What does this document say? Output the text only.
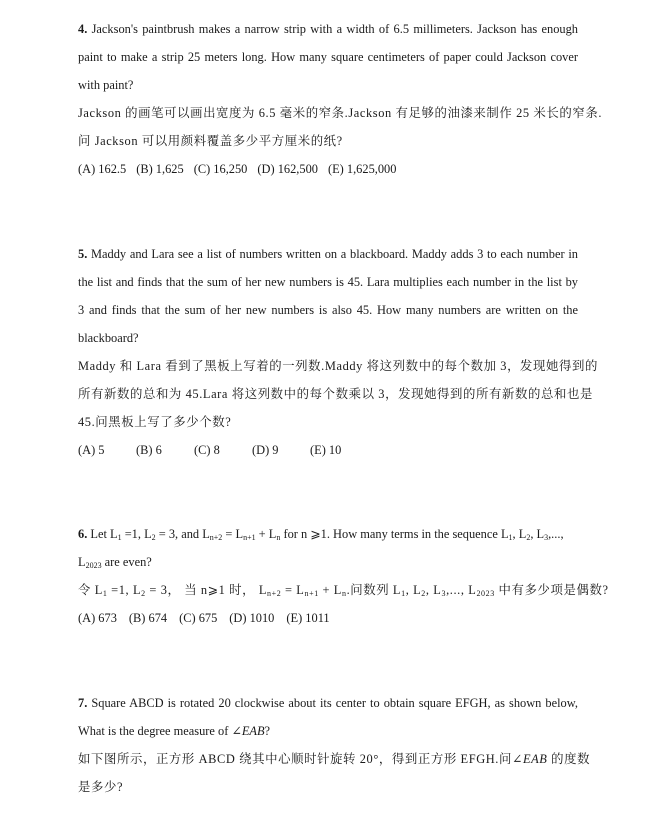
4. Jackson's paintbrush makes a narrow strip with a width of 6.5 millimeters. Jackson has enough
paint to make a strip 25 meters long. How many square centimeters of paper could Jackson cover
with paint?
Jackson 的画笔可以画出宽度为 6.5 毫米的窄条.Jackson 有足够的油漆来制作 25 米长的窄条.
问 Jackson 可以用颜料覆盖多少平方厘米的纸?
(A) 162.5 (B) 1,625 (C) 16,250 (D) 162,500 (E) 1,625,000
5. Maddy and Lara see a list of numbers written on a blackboard. Maddy adds 3 to each number in
the list and finds that the sum of her new numbers is 45. Lara multiplies each number in the list by
3 and finds that the sum of her new numbers is also 45. How many numbers are written on the
blackboard?
Maddy 和 Lara 看到了黑板上写着的一列数.Maddy 将这列数中的每个数加 3，发现她得到的
所有新数的总和为 45.Lara 将这列数中的每个数乘以 3，发现她得到的所有新数的总和也是
45.问黑板上写了多少个数?
(A) 5	(B) 6	(C) 8	(D) 9	(E) 10
6. Let $L_1 =1$, $L_2 = 3$, and $L_{n+2} = L_{n+1} + L_n$ for n ⩾1. How many terms in the sequence $L_1$, $L_2$, $L_3$,...,
$L_{2023}$ are even?
令 $L_1 =1$, $L_2 = 3$， 当 n⩾1 时， $L_{n+2} = L_{n+1} + L_n$.问数列 $L_1$, $L_2$, $L_3$,..., $L_{2023}$ 中有多少项是偶数?
(A) 673 (B) 674 (C) 675 (D) 1010 (E) 1011
7. Square ABCD is rotated 20 clockwise about its center to obtain square EFGH, as shown below,
What is the degree measure of ∠EAB?
如下图所示，正方形 ABCD 绕其中心顺时针旋转 20°，得到正方形 EFGH.问∠EAB 的度数
是多少?
